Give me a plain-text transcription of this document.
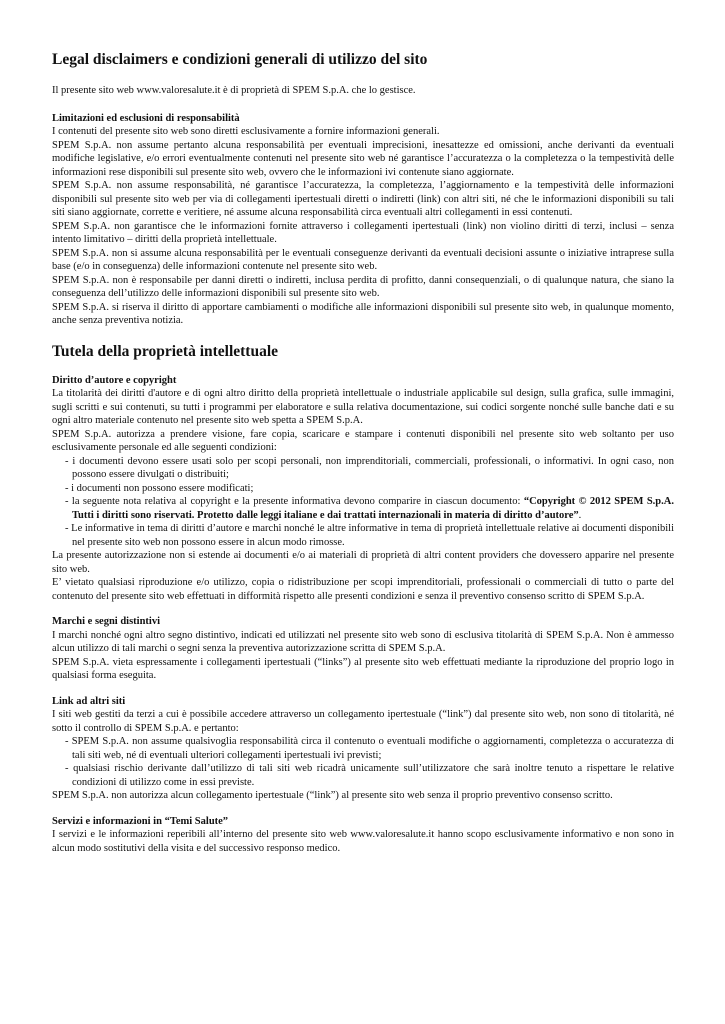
Legal disclaimers e condizioni generali di utilizzo del sito
Il presente sito web www.valoresalute.it è di proprietà di SPEM S.p.A. che lo gestisce.
Limitazioni ed esclusioni di responsabilità

I contenuti del presente sito web sono diretti esclusivamente a fornire informazioni generali.

SPEM S.p.A. non assume pertanto alcuna responsabilità per eventuali imprecisioni, inesattezze ed omissioni, anche derivanti da eventuali modifiche legislative, e/o errori eventualmente contenuti nel presente sito web né garantisce l’accuratezza o la completezza o la tempestività delle informazioni rese disponibili sul presente sito web, ovvero che le informazioni ivi contenute siano aggiornate.

SPEM S.p.A. non assume responsabilità, né garantisce l’accuratezza, la completezza, l’aggiornamento e la tempestività delle informazioni disponibili sul presente sito web per via di collegamenti ipertestuali diretti o indiretti (link) con altri siti, né che le informazioni disponibili su tali siti siano aggiornate, corrette e veritiere, né assume alcuna responsabilità circa eventuali altri collegamenti in essi contenuti.

SPEM S.p.A. non garantisce che le informazioni fornite attraverso i collegamenti ipertestuali (link) non violino diritti di terzi, inclusi – senza intento limitativo – diritti della proprietà intellettuale.

SPEM S.p.A. non si assume alcuna responsabilità per le eventuali conseguenze derivanti da eventuali decisioni assunte o iniziative intraprese sulla base (e/o in conseguenza) delle informazioni contenute nel presente sito web.

SPEM S.p.A. non è responsabile per danni diretti o indiretti, inclusa perdita di profitto, danni consequenziali, o di qualunque natura, che siano la conseguenza dell’utilizzo delle informazioni disponibili sul presente sito web.

SPEM S.p.A. si riserva il diritto di apportare cambiamenti o modifiche alle informazioni disponibili sul presente sito web, in qualunque momento, anche senza preventiva notizia.

Tutela della proprietà intellettuale
Diritto d’autore e copyright

La titolarità dei diritti d'autore e di ogni altro diritto della proprietà intellettuale o industriale applicabile sul design, sulla grafica, sulle immagini, sugli scritti e sui contenuti, su tutti i programmi per elaboratore e sulla relativa documentazione, sui codici sorgente nonché sulle banche dati e su ogni altro materiale contenuto nel presente sito web spetta a SPEM S.p.A.

SPEM S.p.A. autorizza a prendere visione, fare copia, scaricare e stampare i contenuti disponibili nel presente sito web soltanto per uso esclusivamente personale ed alle seguenti condizioni:

- i documenti devono essere usati solo per scopi personali, non imprenditoriali, commerciali, professionali, o informativi. In ogni caso, non possono essere divulgati o distribuiti;
- i documenti non possono essere modificati;
- la seguente nota relativa al copyright e la presente informativa devono comparire in ciascun documento: “Copyright © 2012 SPEM S.p.A. Tutti i diritti sono riservati. Protetto dalle leggi italiane e dai trattati internazionali in materia di diritto d’autore”.
- Le informative in tema di diritti d’autore e marchi nonché le altre informative in tema di proprietà intellettuale relative ai documenti disponibili nel presente sito web non possono essere in alcun modo rimosse.

La presente autorizzazione non si estende ai documenti e/o ai materiali di proprietà di altri content providers che dovessero apparire nel presente sito web.

E’ vietato qualsiasi riproduzione e/o utilizzo, copia o ridistribuzione per scopi imprenditoriali, professionali o commerciali di tutto o parte del contenuto del presente sito web effettuati in difformità rispetto alle presenti condizioni e senza il preventivo consenso scritto di SPEM S.p.A.

Marchi e segni distintivi

I marchi nonché ogni altro segno distintivo, indicati ed utilizzati nel presente sito web sono di esclusiva titolarità di SPEM S.p.A. Non è ammesso alcun utilizzo di tali marchi o segni senza la preventiva autorizzazione scritta di SPEM S.p.A.

SPEM S.p.A. vieta espressamente i collegamenti ipertestuali (“links”) al presente sito web effettuati mediante la riproduzione del proprio logo in qualsiasi forma eseguita.

Link ad altri siti

I siti web gestiti da terzi a cui è possibile accedere attraverso un collegamento ipertestuale (“link”) dal presente sito web, non sono di titolarità, né sotto il controllo di SPEM S.p.A. e pertanto:

- SPEM S.p.A. non assume qualsivoglia responsabilità circa il contenuto o eventuali modifiche o aggiornamenti, completezza o accuratezza di tali siti web, né di eventuali ulteriori collegamenti ipertestuali ivi previsti;
- qualsiasi rischio derivante dall’utilizzo di tali siti web ricadrà unicamente sull’utilizzatore che sarà inoltre tenuto a rispettare le relative condizioni di utilizzo come in essi previste.

SPEM S.p.A. non autorizza alcun collegamento ipertestuale (“link”) al presente sito web senza il proprio preventivo consenso scritto.

Servizi e informazioni in “Temi Salute”

I servizi e le informazioni reperibili all’interno del presente sito web www.valoresalute.it hanno scopo esclusivamente informativo e non sono in alcun modo sostitutivi della visita e del successivo responso medico.
